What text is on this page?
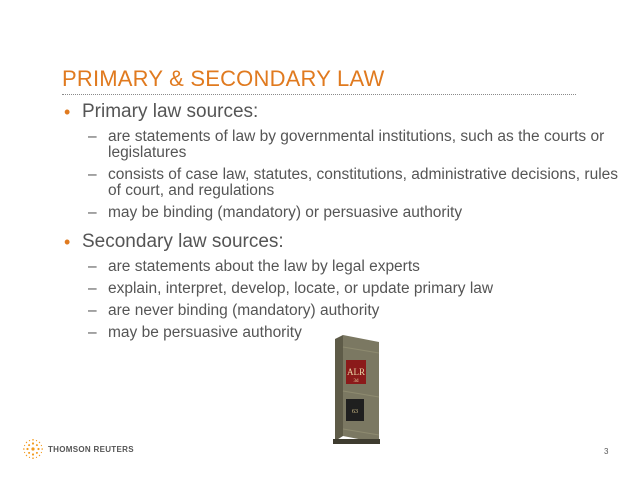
PRIMARY & SECONDARY LAW
• Primary law sources:
– are statements of law by governmental institutions, such as the courts or legislatures
– consists of case law, statutes, constitutions, administrative decisions, rules of court, and regulations
– may be binding (mandatory) or persuasive authority
• Secondary law sources:
– are statements about the law by legal experts
– explain, interpret, develop, locate, or update primary law
– are never binding (mandatory) authority
– may be persuasive authority
ALR
3d
63
THOMSON REUTERS	3
